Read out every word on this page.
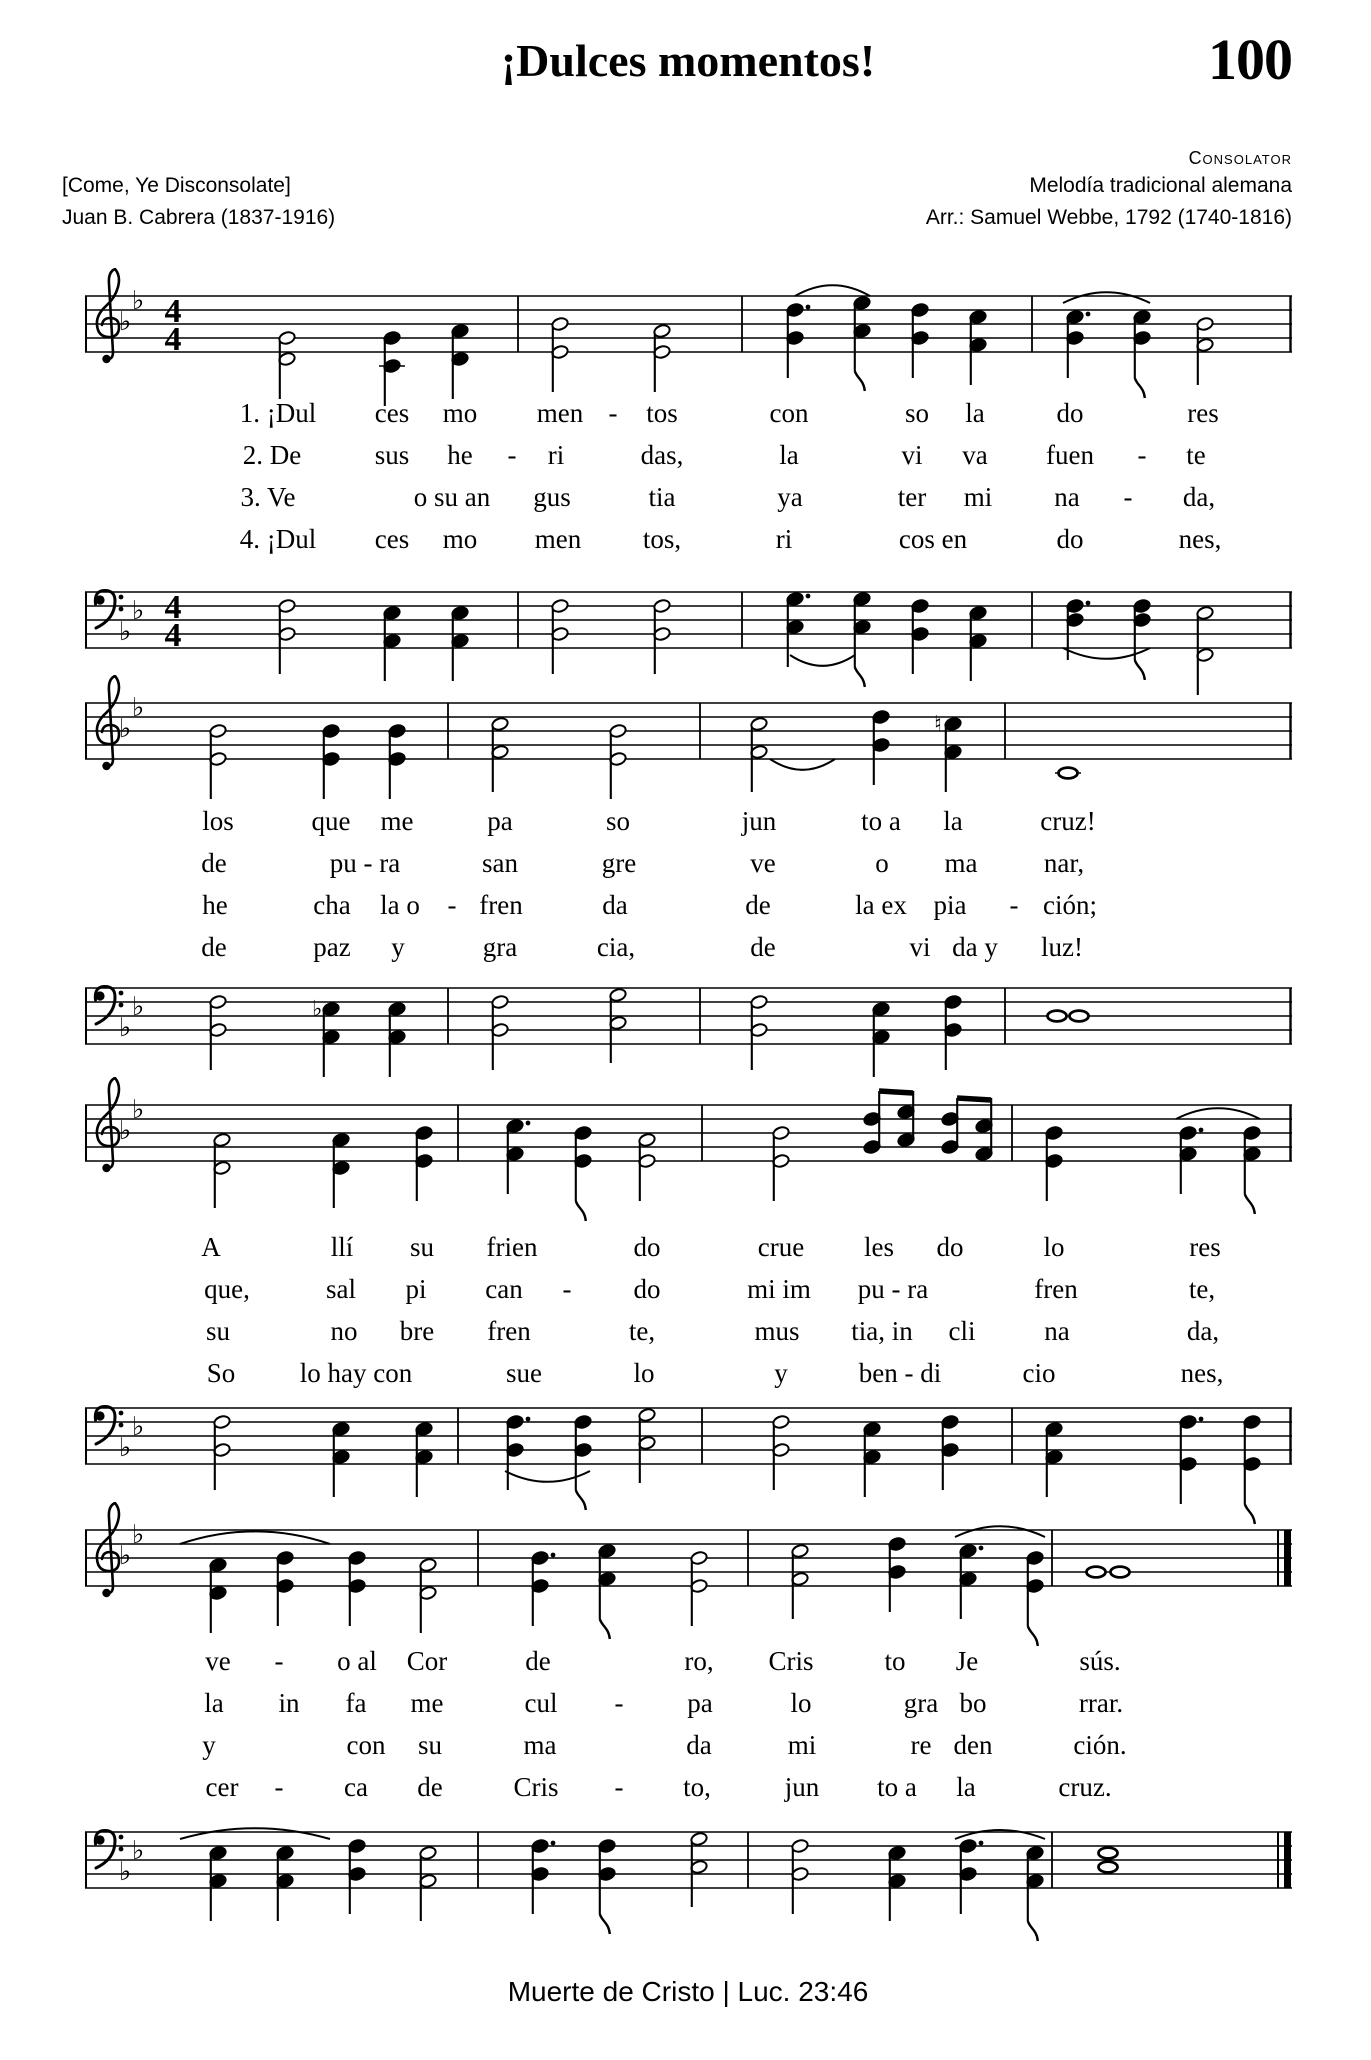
¡Dulces momentos!	100
[Come, Ye Disconsolate]
Juan B. Cabrera (1837-1916)
Consolator
Melodía tradicional alemana
Arr.: Samuel Webbe, 1792 (1740-1816)
♭
♭ 4
4
♭
♭ 4
4
1. ¡Dul ces mo men - tos	con	so la	do	res
2. De	sus he - ri	das,	la	vi va fuen - te
3. Ve	o su an gus	tia	ya	ter mi na - da,
4. ¡Dul ces mo men tos,	ri	cos en	do	nes,
♭
♭
♮
♭
♭	♭
los	que me	pa	so	jun	to a la	cruz!
de	pu - ra	san	gre	ve	o ma nar,
he	cha la o - fren	da	de	la ex pia - ción;
de	paz y	gra	cia,	de	vi da y luz!
♭
♭
♭
♭
A	llí su frien	do	crue les do	lo	res
que,	sal pi can - do	mi im pu - ra	fren	te,
su	no bre fren	te,	mus tia, in cli	na	da,
So lo hay con	sue	lo	y	ben - di	cio	nes,
♭
♭
♭
♭
ve - o al Cor	de	ro, Cris	to Je	sús.
la in fa me	cul - pa	lo	gra bo	rrar.
y	con su	ma	da	mi	re den	ción.
cer - ca de	Cris - to,	jun to a la	cruz.
Muerte de Cristo | Luc. 23:46
